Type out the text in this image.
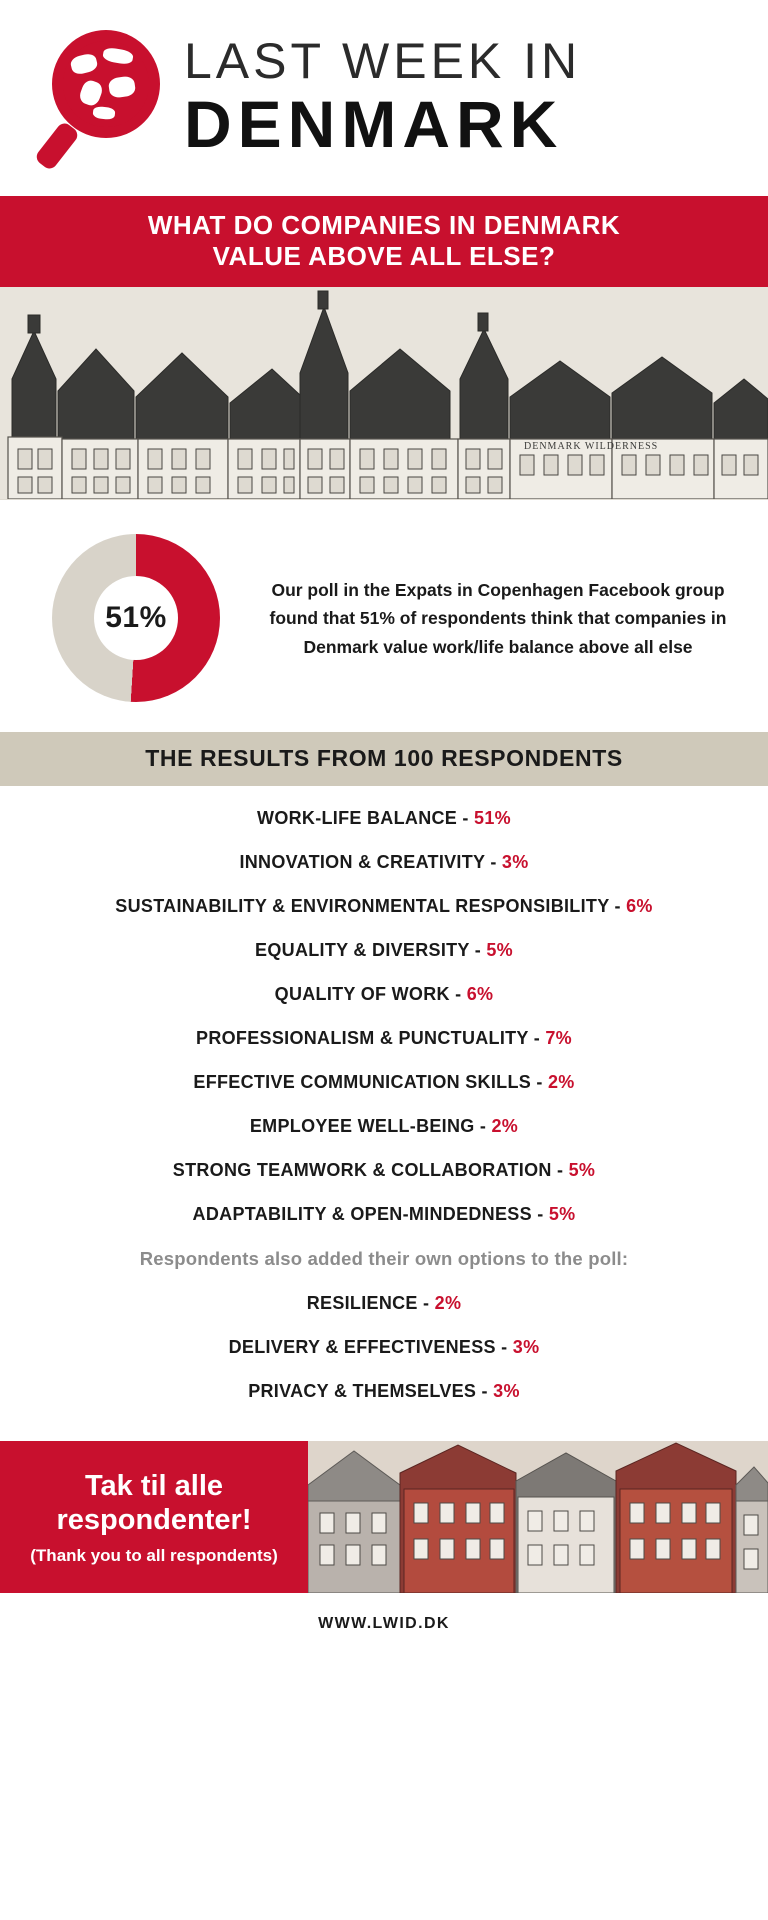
LAST WEEK IN
DENMARK
WHAT DO COMPANIES IN DENMARK
VALUE ABOVE ALL ELSE?
DENMARK WILDERNESS
51%
Our poll in the Expats in Copenhagen Facebook group found that 51% of respondents think that companies in Denmark value work/life balance above all else
THE RESULTS FROM 100 RESPONDENTS
WORK-LIFE BALANCE - 51%
INNOVATION & CREATIVITY - 3%
SUSTAINABILITY & ENVIRONMENTAL RESPONSIBILITY - 6%
EQUALITY & DIVERSITY - 5%
QUALITY OF WORK - 6%
PROFESSIONALISM & PUNCTUALITY - 7%
EFFECTIVE COMMUNICATION SKILLS - 2%
EMPLOYEE WELL-BEING - 2%
STRONG TEAMWORK & COLLABORATION - 5%
ADAPTABILITY & OPEN-MINDEDNESS - 5%
Respondents also added their own options to the poll:
RESILIENCE - 2%
DELIVERY & EFFECTIVENESS - 3%
PRIVACY & THEMSELVES - 3%
Tak til alle
respondenter!
(Thank you to all respondents)
WWW.LWID.DK
